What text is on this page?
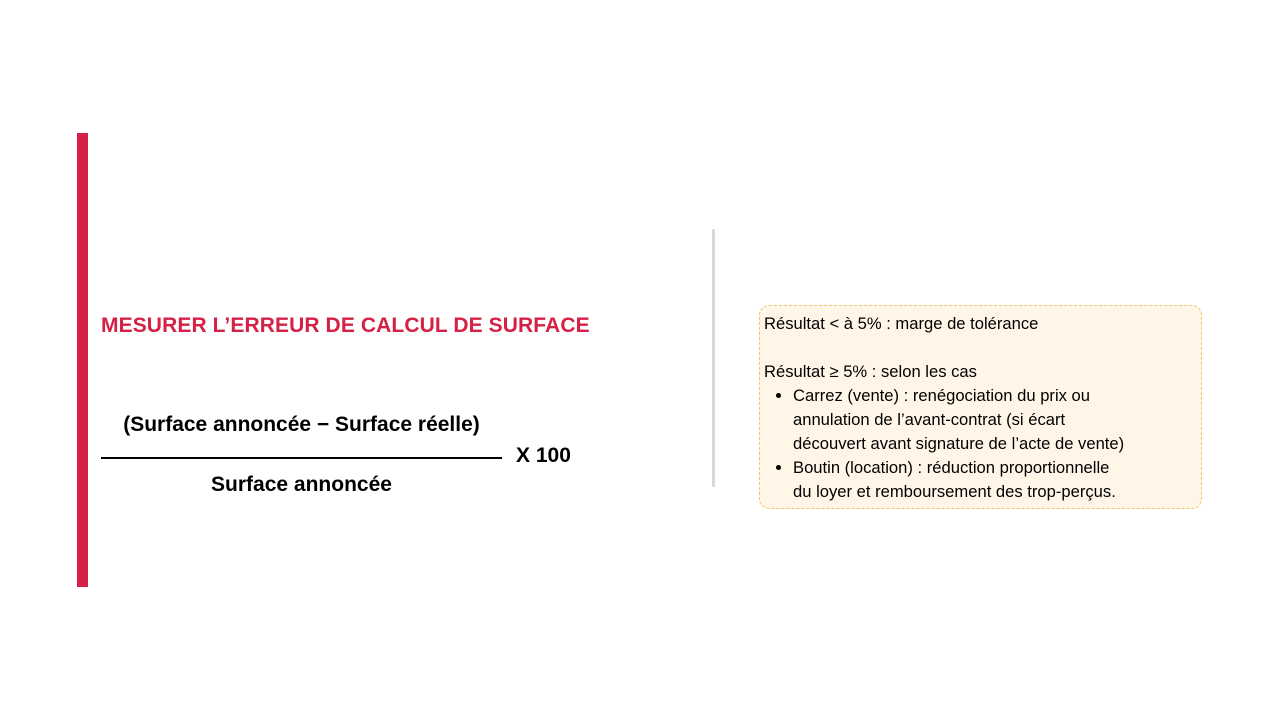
MESURER L’ERREUR DE CALCUL DE SURFACE
(Surface annoncée − Surface réelle)
Surface annoncée
X 100
Résultat < à 5% : marge de tolérance
Résultat ≥ 5% : selon les cas
• Carrez (vente) : renégociation du prix ou
annulation de l’avant-contrat (si écart
découvert avant signature de l’acte de vente)
• Boutin (location) : réduction proportionnelle
du loyer et remboursement des trop-perçus.
